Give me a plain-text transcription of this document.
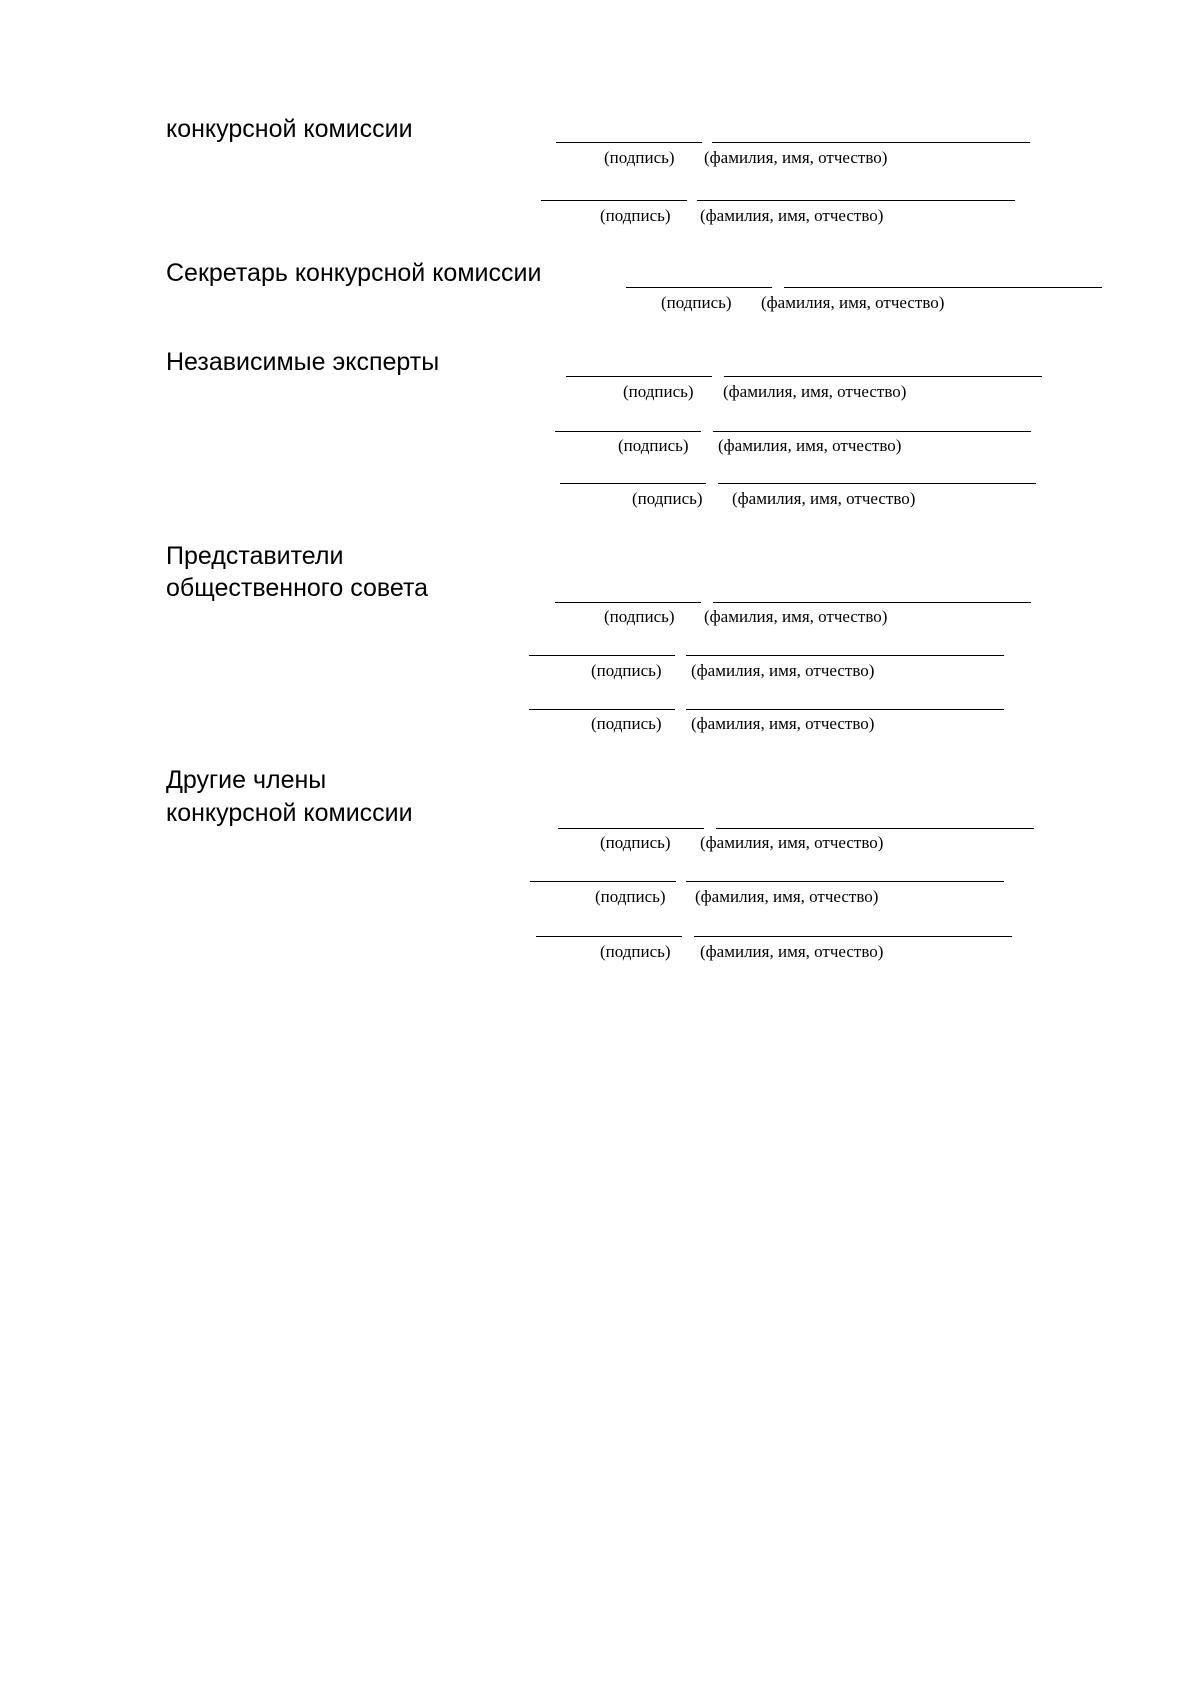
конкурсной комиссии
Секретарь конкурсной комиссии
Независимые эксперты
Представители
общественного совета
Другие члены
конкурсной комиссии
(подпись) (фамилия, имя, отчество)
(подпись) (фамилия, имя, отчество)
(подпись) (фамилия, имя, отчество)
(подпись) (фамилия, имя, отчество)
(подпись) (фамилия, имя, отчество)
(подпись) (фамилия, имя, отчество)
(подпись) (фамилия, имя, отчество)
(подпись) (фамилия, имя, отчество)
(подпись) (фамилия, имя, отчество)
(подпись) (фамилия, имя, отчество)
(подпись) (фамилия, имя, отчество)
(подпись) (фамилия, имя, отчество)
